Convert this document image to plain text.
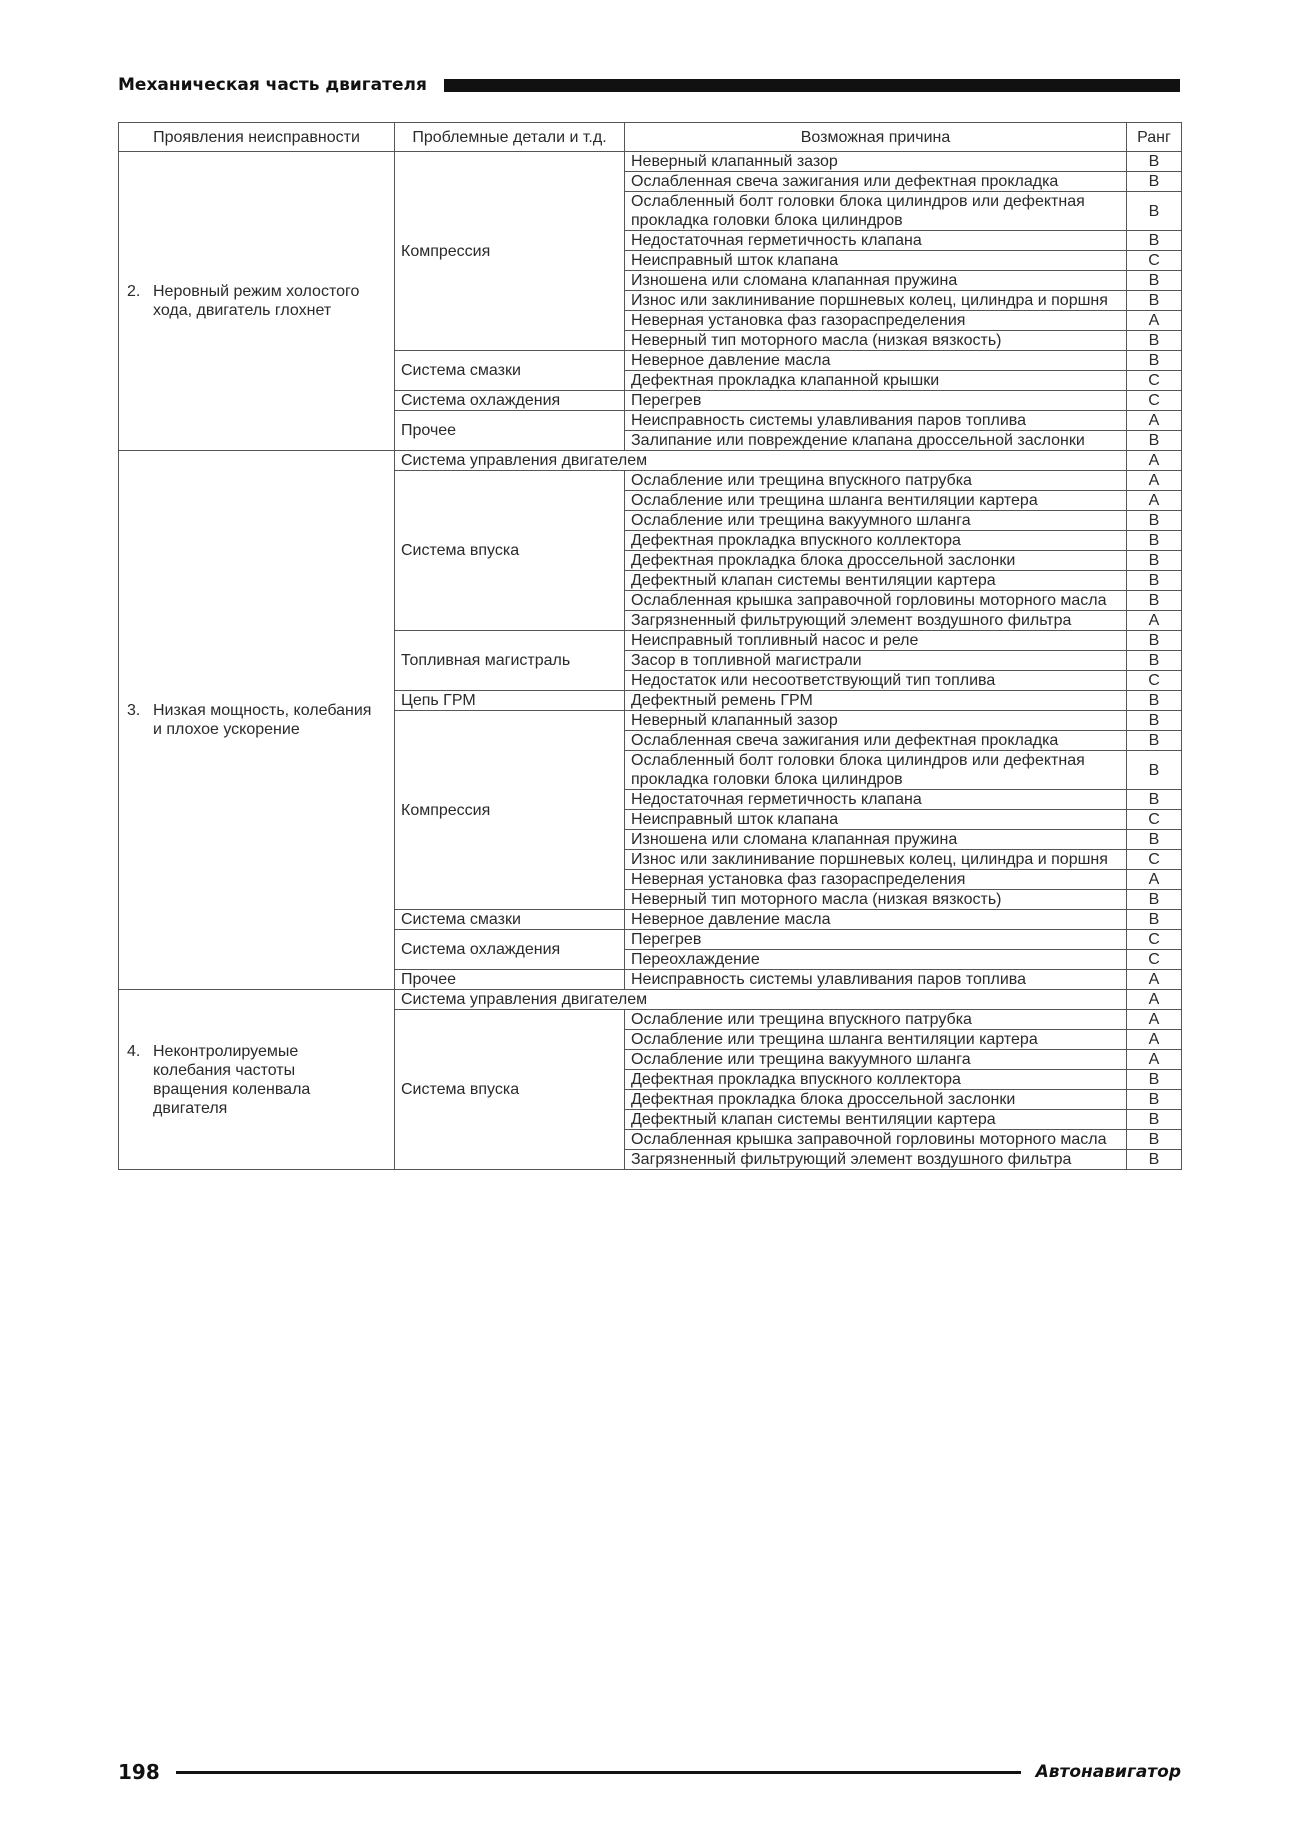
Механическая часть двигателя
Проявления неисправности	Проблемные детали и т.д.	Возможная причина	Ранг
2. Неровный режим холостого хода, двигатель глохнет	Компрессия	Неверный клапанный зазор	B
		Ослабленная свеча зажигания или дефектная прокладка	B
		Ослабленный болт головки блока цилиндров или дефектная прокладка головки блока цилиндров	B
		Недостаточная герметичность клапана	B
		Неисправный шток клапана	C
		Изношена или сломана клапанная пружина	B
		Износ или заклинивание поршневых колец, цилиндра и поршня	B
		Неверная установка фаз газораспределения	A
		Неверный тип моторного масла (низкая вязкость)	B
	Система смазки	Неверное давление масла	B
		Дефектная прокладка клапанной крышки	C
	Система охлаждения	Перегрев	C
	Прочее	Неисправность системы улавливания паров топлива	A
		Залипание или повреждение клапана дроссельной заслонки	B
3. Низкая мощность, колебания и плохое ускорение	Система управления двигателем		A
	Система впуска	Ослабление или трещина впускного патрубка	A
		Ослабление или трещина шланга вентиляции картера	A
		Ослабление или трещина вакуумного шланга	B
		Дефектная прокладка впускного коллектора	B
		Дефектная прокладка блока дроссельной заслонки	B
		Дефектный клапан системы вентиляции картера	B
		Ослабленная крышка заправочной горловины моторного масла	B
		Загрязненный фильтрующий элемент воздушного фильтра	A
	Топливная магистраль	Неисправный топливный насос и реле	B
		Засор в топливной магистрали	B
		Недостаток или несоответствующий тип топлива	C
	Цепь ГРМ	Дефектный ремень ГРМ	B
	Компрессия	Неверный клапанный зазор	B
		Ослабленная свеча зажигания или дефектная прокладка	B
		Ослабленный болт головки блока цилиндров или дефектная прокладка головки блока цилиндров	B
		Недостаточная герметичность клапана	B
		Неисправный шток клапана	C
		Изношена или сломана клапанная пружина	B
		Износ или заклинивание поршневых колец, цилиндра и поршня	C
		Неверная установка фаз газораспределения	A
		Неверный тип моторного масла (низкая вязкость)	B
	Система смазки	Неверное давление масла	B
	Система охлаждения	Перегрев	C
		Переохлаждение	C
	Прочее	Неисправность системы улавливания паров топлива	A
4. Неконтролируемые колебания частоты вращения коленвала двигателя	Система управления двигателем		A
	Система впуска	Ослабление или трещина впускного патрубка	A
		Ослабление или трещина шланга вентиляции картера	A
		Ослабление или трещина вакуумного шланга	A
		Дефектная прокладка впускного коллектора	B
		Дефектная прокладка блока дроссельной заслонки	B
		Дефектный клапан системы вентиляции картера	B
		Ослабленная крышка заправочной горловины моторного масла	B
		Загрязненный фильтрующий элемент воздушного фильтра	B
198	Автонавигатор
